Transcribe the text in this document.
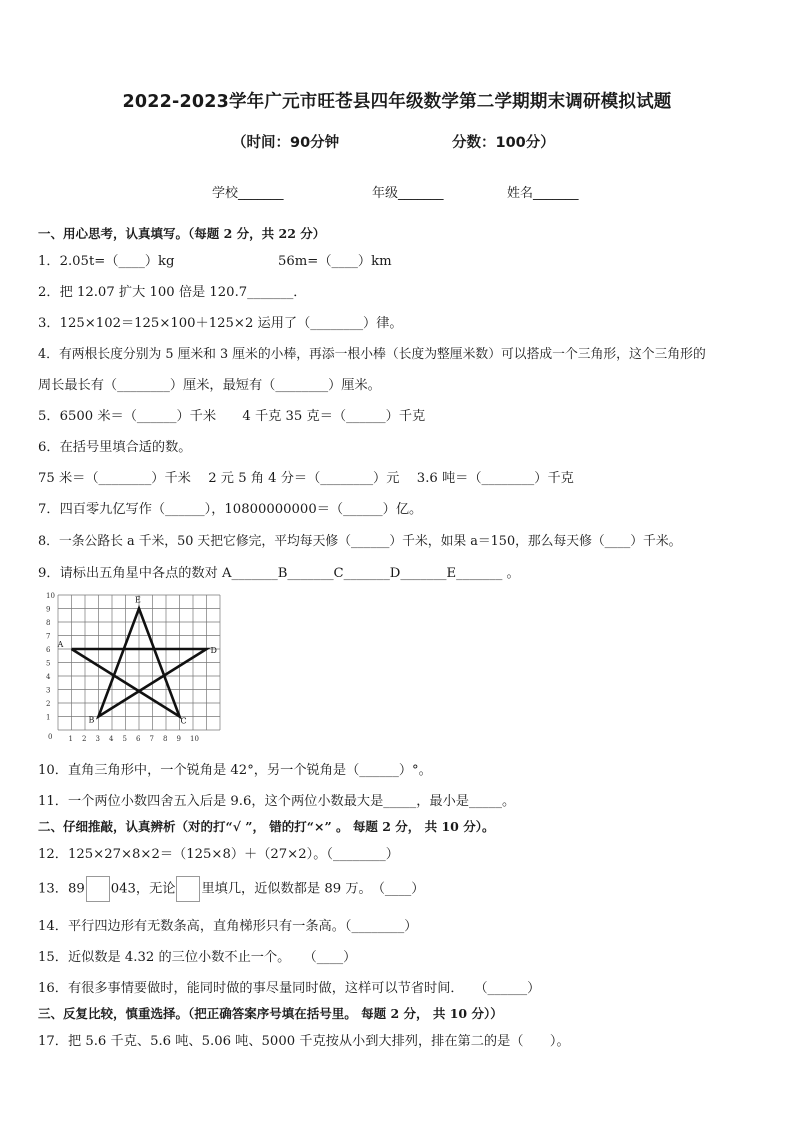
2022-2023学年广元市旺苍县四年级数学第二学期期末调研模拟试题
（时间：90分钟	分数：100分）
学校_______	年级_______	姓名_______
一、用心思考，认真填写。（每题 2 分，共 22 分）
1．2.05t=（____）kg	56m=（____）km
2．把 12.07 扩大 100 倍是 120.7_______．
3．125×102＝125×100＋125×2 运用了（________）律。
4．有两根长度分别为 5 厘米和 3 厘米的小棒，再添一根小棒（长度为整厘米数）可以搭成一个三角形，这个三角形的
周长最长有（________）厘米，最短有（________）厘米。
5．6500 米＝（______）千米　　4 千克 35 克＝（______）千克
6．在括号里填合适的数。
75 米＝（________）千米　 2 元 5 角 4 分＝（________）元　 3.6 吨＝（________）千克
7．四百零九亿写作（______），10800000000＝（______）亿。
8．一条公路长 a 千米，50 天把它修完，平均每天修（______）千米，如果 a＝150，那么每天修（____）千米。
9．请标出五角星中各点的数对 A_______B_______C_______D_______E_______ 。
1 2 3 4 5 6 7 8 9 10
1
2
3
4
5
6
7
8
9
10
0
A
B	C
D
E
10．直角三角形中，一个锐角是 42°，另一个锐角是（______）°。
11．一个两位小数四舍五入后是 9.6，这个两位小数最大是_____，最小是_____。
二、仔细推敲，认真辨析（对的打“√ ”， 错的打“×” 。 每题 2 分， 共 10 分）。
12．125×27×8×2＝（125×8）＋（27×2）。（________）
13．89 043，无论 里填几，近似数都是 89 万。　（____）
14．平行四边形有无数条高，直角梯形只有一条高。（________）
15．近似数是 4.32 的三位小数不止一个。　　（____）
16．有很多事情要做时，能同时做的事尽量同时做，这样可以节省时间．　 （______）
三、反复比较，慎重选择。（把正确答案序号填在括号里。 每题 2 分， 共 10 分））
17．把 5.6 千克、5.6 吨、5.06 吨、5000 千克按从小到大排列，排在第二的是（　　）。
